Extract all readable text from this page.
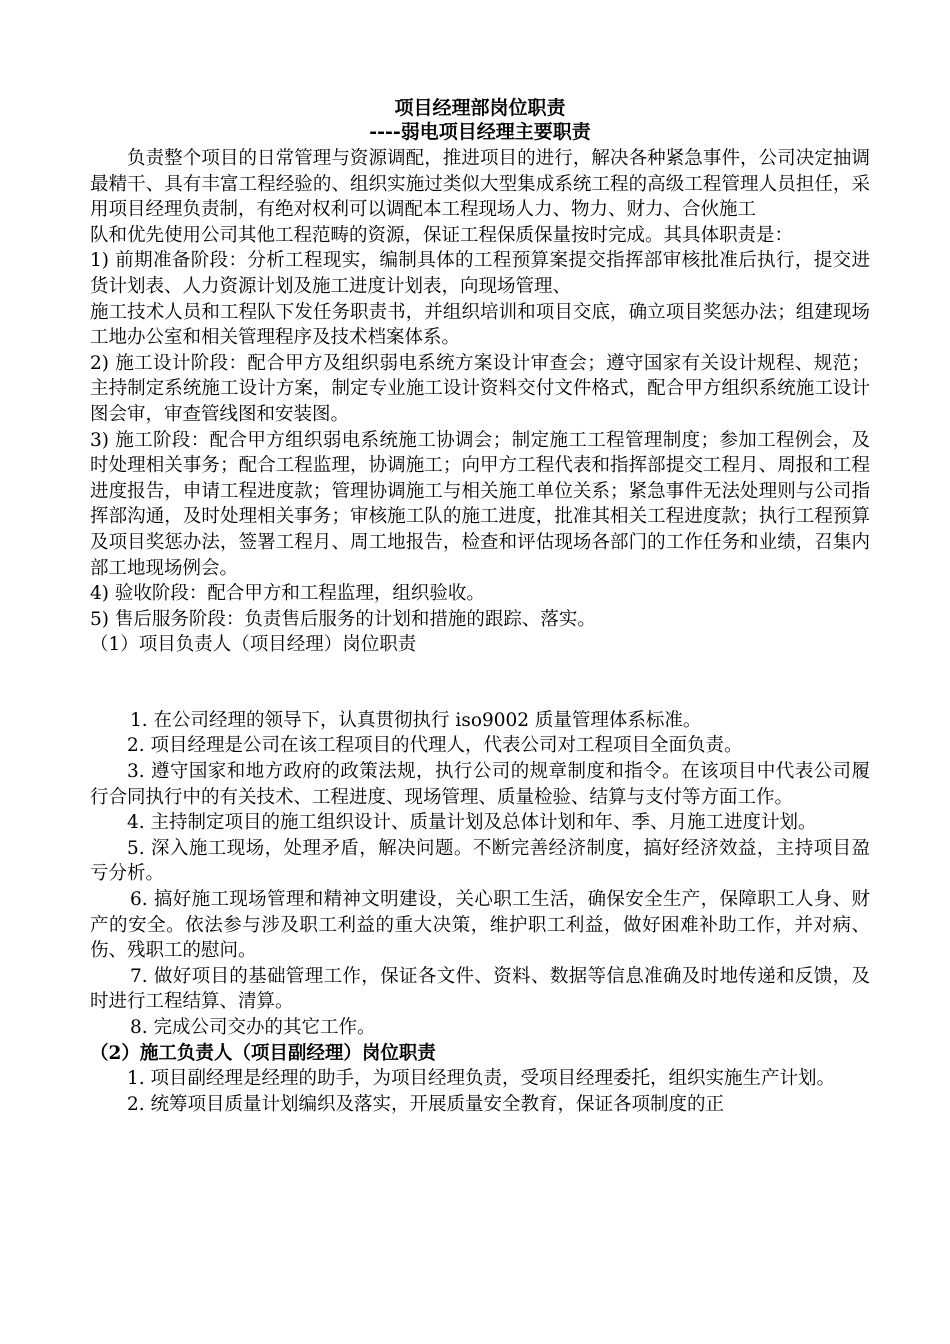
项目经理部岗位职责

----弱电项目经理主要职责

负责整个项目的日常管理与资源调配，推进项目的进行，解决各种紧急事件，公司决定抽调最精干、具有丰富工程经验的、组织实施过类似大型集成系统工程的高级工程管理人员担任，采用项目经理负责制，有绝对权利可以调配本工程现场人力、物力、财力、合伙施工

队和优先使用公司其他工程范畴的资源，保证工程保质保量按时完成。其具体职责是：

1) 前期准备阶段：分析工程现实，编制具体的工程预算案提交指挥部审核批准后执行，提交进货计划表、人力资源计划及施工进度计划表，向现场管理、

施工技术人员和工程队下发任务职责书，并组织培训和项目交底，确立项目奖惩办法；组建现场工地办公室和相关管理程序及技术档案体系。

2) 施工设计阶段：配合甲方及组织弱电系统方案设计审查会；遵守国家有关设计规程、规范；主持制定系统施工设计方案，制定专业施工设计资料交付文件格式，配合甲方组织系统施工设计图会审，审查管线图和安装图。

3) 施工阶段：配合甲方组织弱电系统施工协调会；制定施工工程管理制度；参加工程例会，及时处理相关事务；配合工程监理，协调施工；向甲方工程代表和指挥部提交工程月、周报和工程进度报告，申请工程进度款；管理协调施工与相关施工单位关系；紧急事件无法处理则与公司指挥部沟通，及时处理相关事务；审核施工队的施工进度，批准其相关工程进度款；执行工程预算及项目奖惩办法，签署工程月、周工地报告，检查和评估现场各部门的工作任务和业绩，召集内部工地现场例会。

4) 验收阶段：配合甲方和工程监理，组织验收。

5) 售后服务阶段：负责售后服务的计划和措施的跟踪、落实。

（1）项目负责人（项目经理）岗位职责

1. 在公司经理的领导下，认真贯彻执行 iso9002 质量管理体系标准。

2. 项目经理是公司在该工程项目的代理人，代表公司对工程项目全面负责。

3. 遵守国家和地方政府的政策法规，执行公司的规章制度和指令。在该项目中代表公司履行合同执行中的有关技术、工程进度、现场管理、质量检验、结算与支付等方面工作。

4. 主持制定项目的施工组织设计、质量计划及总体计划和年、季、月施工进度计划。

5. 深入施工现场，处理矛盾，解决问题。不断完善经济制度，搞好经济效益，主持项目盈亏分析。

6. 搞好施工现场管理和精神文明建设，关心职工生活，确保安全生产，保障职工人身、财产的安全。依法参与涉及职工利益的重大决策，维护职工利益，做好困难补助工作，并对病、伤、残职工的慰问。

7. 做好项目的基础管理工作，保证各文件、资料、数据等信息准确及时地传递和反馈，及时进行工程结算、清算。

8. 完成公司交办的其它工作。

（2）施工负责人（项目副经理）岗位职责

1. 项目副经理是经理的助手，为项目经理负责，受项目经理委托，组织实施生产计划。

2. 统筹项目质量计划编织及落实，开展质量安全教育，保证各项制度的正
